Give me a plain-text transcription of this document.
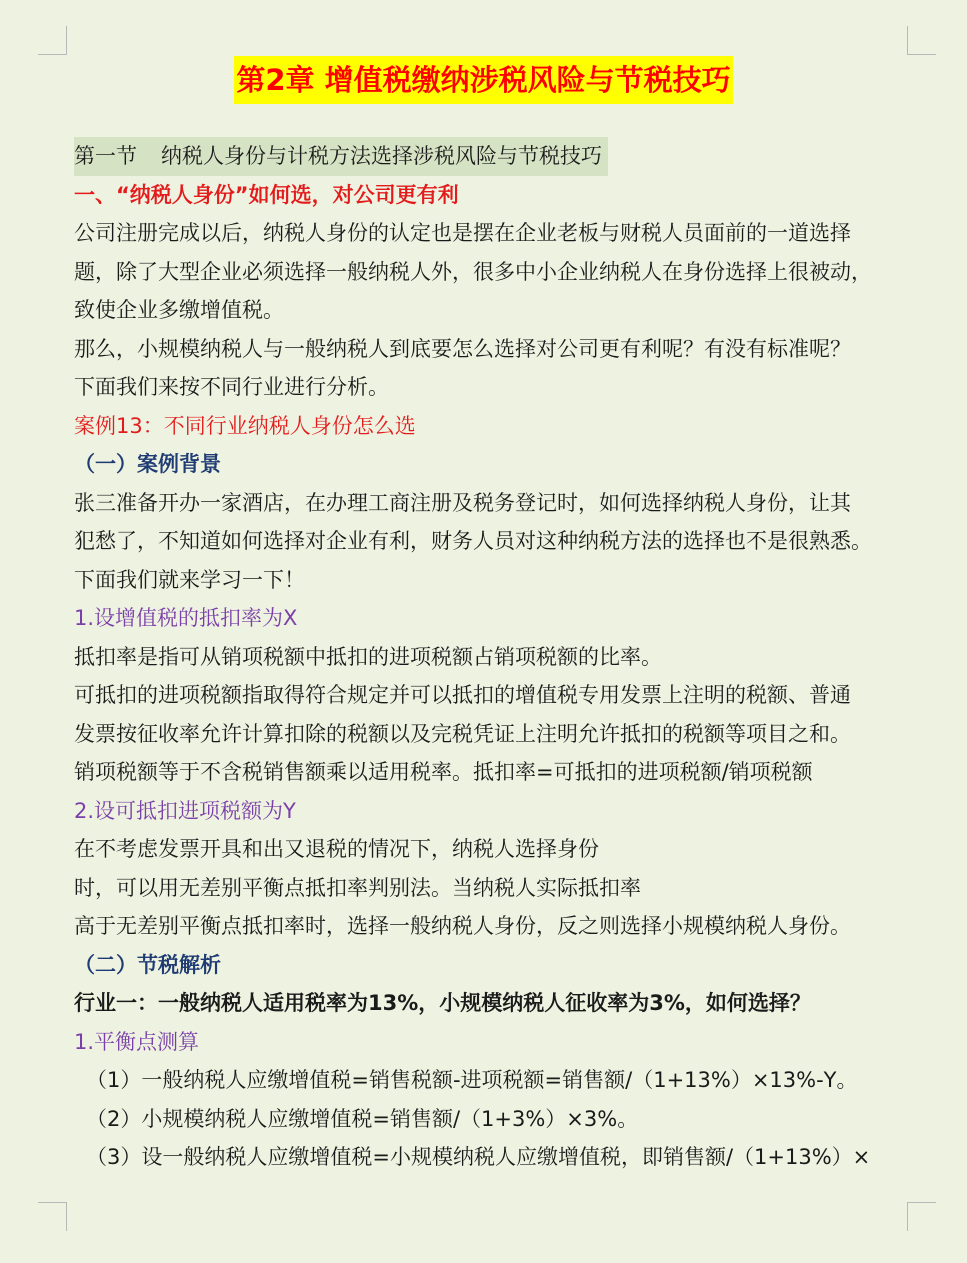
第2章 增值税缴纳涉税风险与节税技巧

第一节 纳税人身份与计税方法选择涉税风险与节税技巧

一、“纳税人身份”如何选，对公司更有利

公司注册完成以后，纳税人身份的认定也是摆在企业老板与财税人员面前的一道选择

题，除了大型企业必须选择一般纳税人外，很多中小企业纳税人在身份选择上很被动，

致使企业多缴增值税。

那么，小规模纳税人与一般纳税人到底要怎么选择对公司更有利呢？有没有标准呢？

下面我们来按不同行业进行分析。

案例13：不同行业纳税人身份怎么选

（一）案例背景

张三准备开办一家酒店，在办理工商注册及税务登记时，如何选择纳税人身份，让其

犯愁了，不知道如何选择对企业有利，财务人员对这种纳税方法的选择也不是很熟悉。

下面我们就来学习一下！

1.设增值税的抵扣率为X

抵扣率是指可从销项税额中抵扣的进项税额占销项税额的比率。

可抵扣的进项税额指取得符合规定并可以抵扣的增值税专用发票上注明的税额、普通

发票按征收率允许计算扣除的税额以及完税凭证上注明允许抵扣的税额等项目之和。

销项税额等于不含税销售额乘以适用税率。抵扣率=可抵扣的进项税额/销项税额

2.设可抵扣进项税额为Y

在不考虑发票开具和出又退税的情况下，纳税人选择身份

时，可以用无差别平衡点抵扣率判别法。当纳税人实际抵扣率

高于无差别平衡点抵扣率时，选择一般纳税人身份，反之则选择小规模纳税人身份。

（二）节税解析

行业一：一般纳税人适用税率为13%，小规模纳税人征收率为3%，如何选择？

1.平衡点测算

（1）一般纳税人应缴增值税=销售税额-进项税额=销售额/（1+13%）×13%-Y。

（2）小规模纳税人应缴增值税=销售额/（1+3%）×3%。

（3）设一般纳税人应缴增值税=小规模纳税人应缴增值税，即销售额/（1+13%）×
